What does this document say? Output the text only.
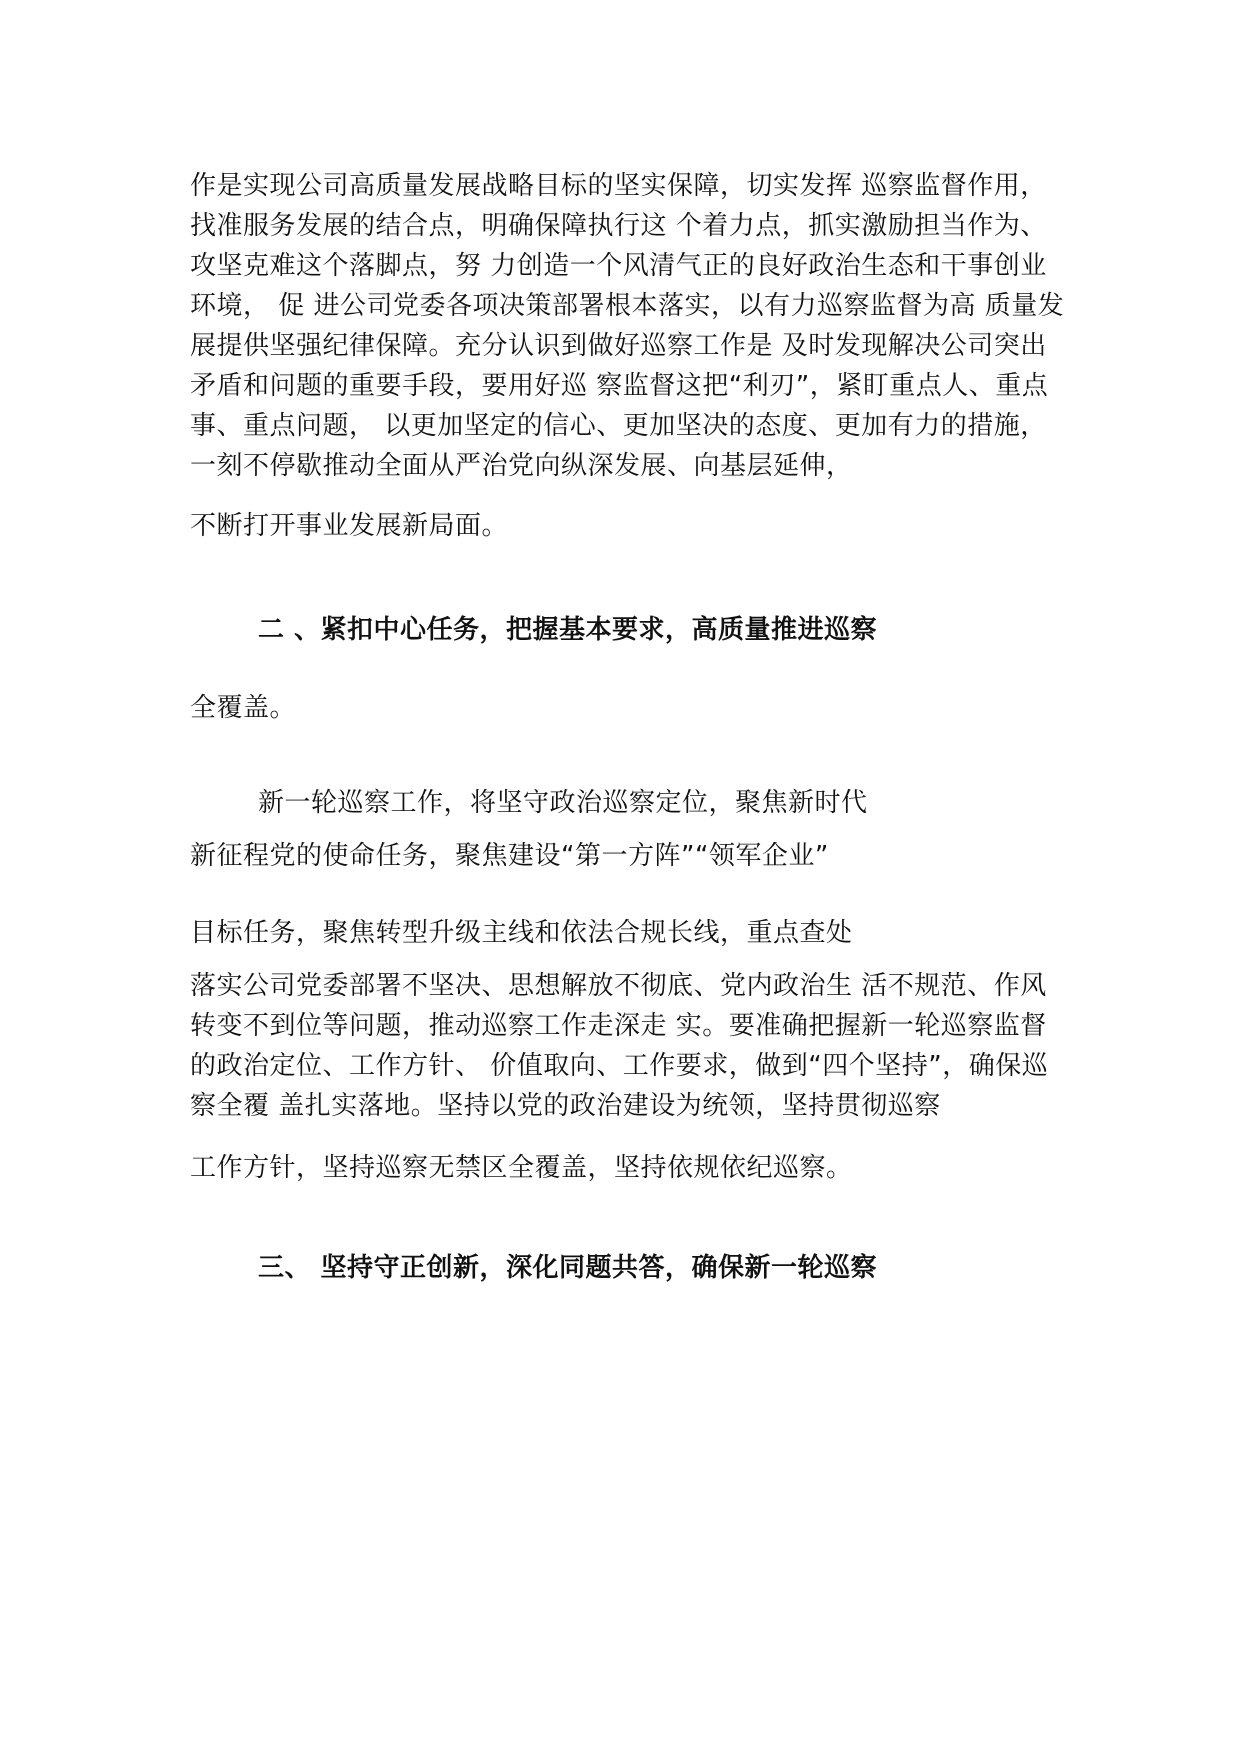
作是实现公司高质量发展战略目标的坚实保障，切实发挥 巡察监督作用，
找准服务发展的结合点，明确保障执行这 个着力点，抓实激励担当作为、
攻坚克难这个落脚点，努 力创造一个风清气正的良好政治生态和干事创业
环境， 促 进公司党委各项决策部署根本落实，以有力巡察监督为高 质量发
展提供坚强纪律保障。充分认识到做好巡察工作是 及时发现解决公司突出
矛盾和问题的重要手段，要用好巡 察监督这把“利刃”，紧盯重点人、重点
事、重点问题， 以更加坚定的信心、更加坚决的态度、更加有力的措施，
一刻不停歇推动全面从严治党向纵深发展、向基层延伸，
不断打开事业发展新局面。
二 、紧扣中心任务，把握基本要求，高质量推进巡察
全覆盖。
新一轮巡察工作，将坚守政治巡察定位，聚焦新时代
新征程党的使命任务，聚焦建设“第一方阵”“领军企业”
目标任务，聚焦转型升级主线和依法合规长线，重点查处
落实公司党委部署不坚决、思想解放不彻底、党内政治生 活不规范、作风
转变不到位等问题，推动巡察工作走深走 实。要准确把握新一轮巡察监督
的政治定位、工作方针、 价值取向、工作要求，做到“四个坚持”，确保巡
察全覆 盖扎实落地。坚持以党的政治建设为统领，坚持贯彻巡察
工作方针，坚持巡察无禁区全覆盖，坚持依规依纪巡察。
三、 坚持守正创新，深化同题共答，确保新一轮巡察
